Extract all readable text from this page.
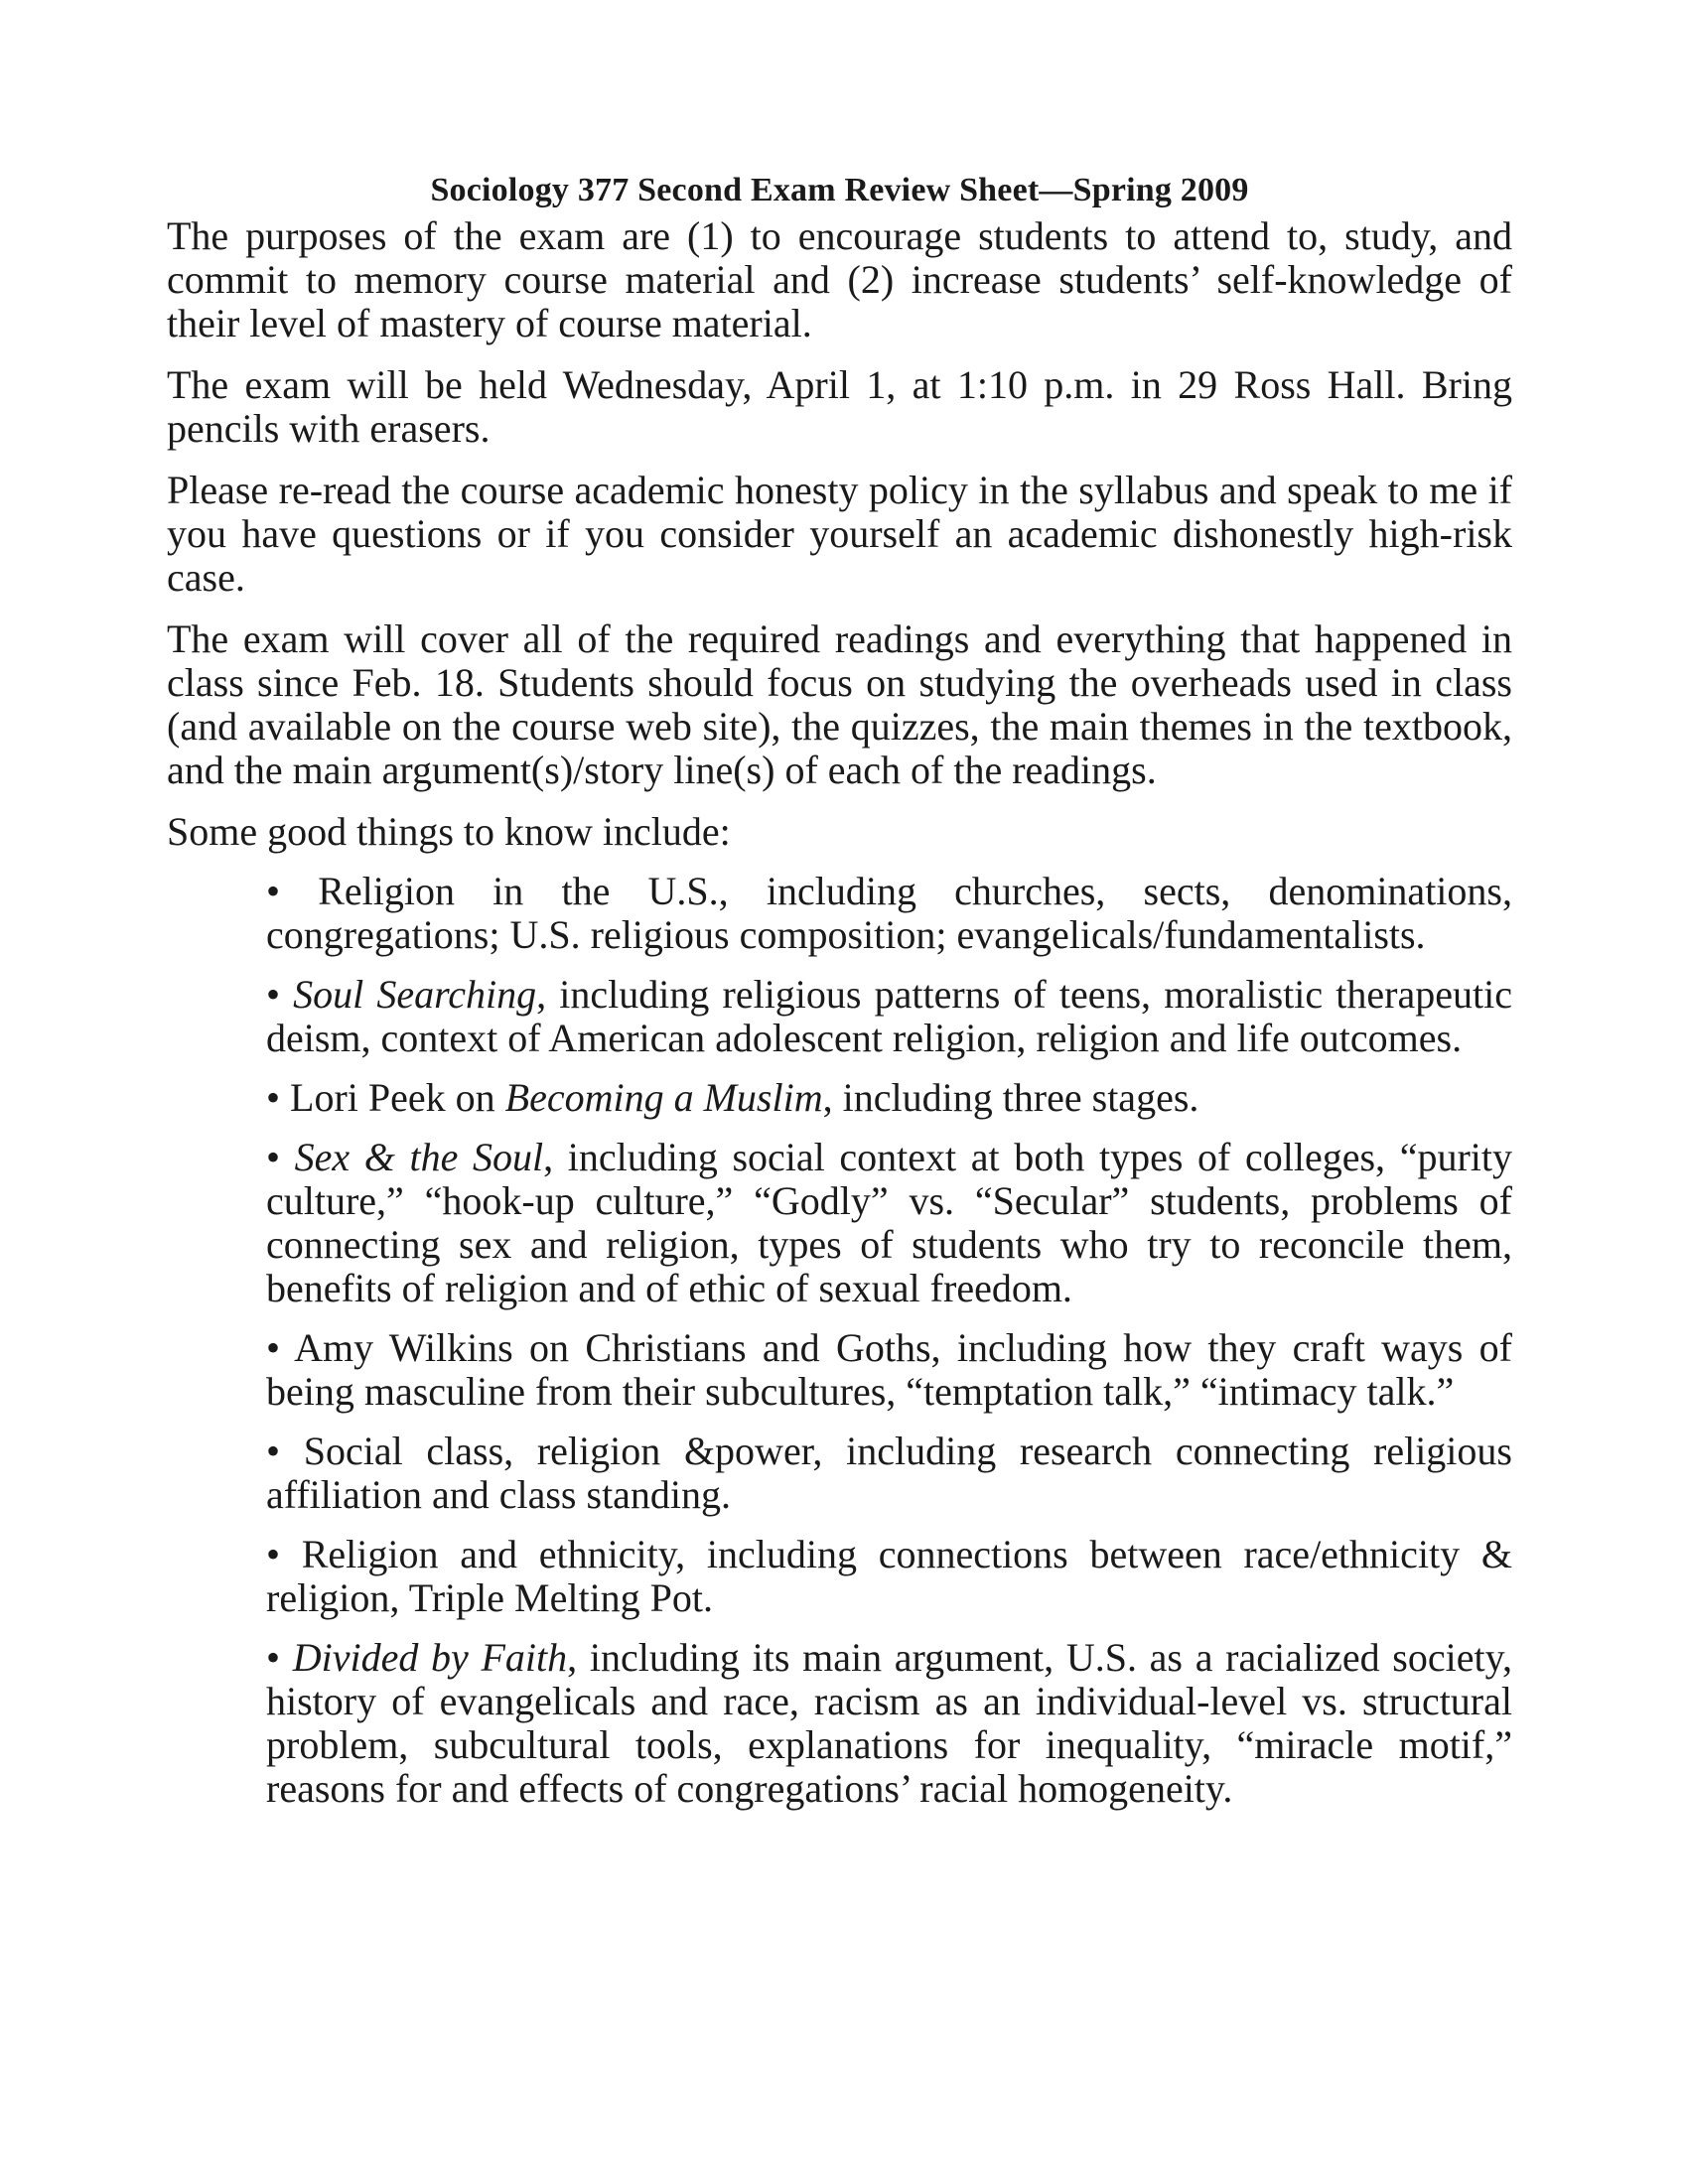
Sociology 377 Second Exam Review Sheet—Spring 2009

The purposes of the exam are (1) to encourage students to attend to, study, and commit to memory course material and (2) increase students’ self-knowledge of their level of mastery of course material.

The exam will be held Wednesday, April 1, at 1:10 p.m. in 29 Ross Hall. Bring pencils with erasers.

Please re-read the course academic honesty policy in the syllabus and speak to me if you have questions or if you consider yourself an academic dishonestly high-risk case.

The exam will cover all of the required readings and everything that happened in class since Feb. 18. Students should focus on studying the overheads used in class (and available on the course web site), the quizzes, the main themes in the textbook, and the main argument(s)/story line(s) of each of the readings.

Some good things to know include:

• Religion in the U.S., including churches, sects, denominations, congregations; U.S. religious composition; evangelicals/fundamentalists.
• Soul Searching, including religious patterns of teens, moralistic therapeutic deism, context of American adolescent religion, religion and life outcomes.
• Lori Peek on Becoming a Muslim, including three stages.
• Sex & the Soul, including social context at both types of colleges, “purity culture,” “hook-up culture,” “Godly” vs. “Secular” students, problems of connecting sex and religion, types of students who try to reconcile them, benefits of religion and of ethic of sexual freedom.
• Amy Wilkins on Christians and Goths, including how they craft ways of being masculine from their subcultures, “temptation talk,” “intimacy talk.”
• Social class, religion &power, including research connecting religious affiliation and class standing.
• Religion and ethnicity, including connections between race/ethnicity & religion, Triple Melting Pot.
• Divided by Faith, including its main argument, U.S. as a racialized society, history of evangelicals and race, racism as an individual-level vs. structural problem, subcultural tools, explanations for inequality, “miracle motif,” reasons for and effects of congregations’ racial homogeneity.
